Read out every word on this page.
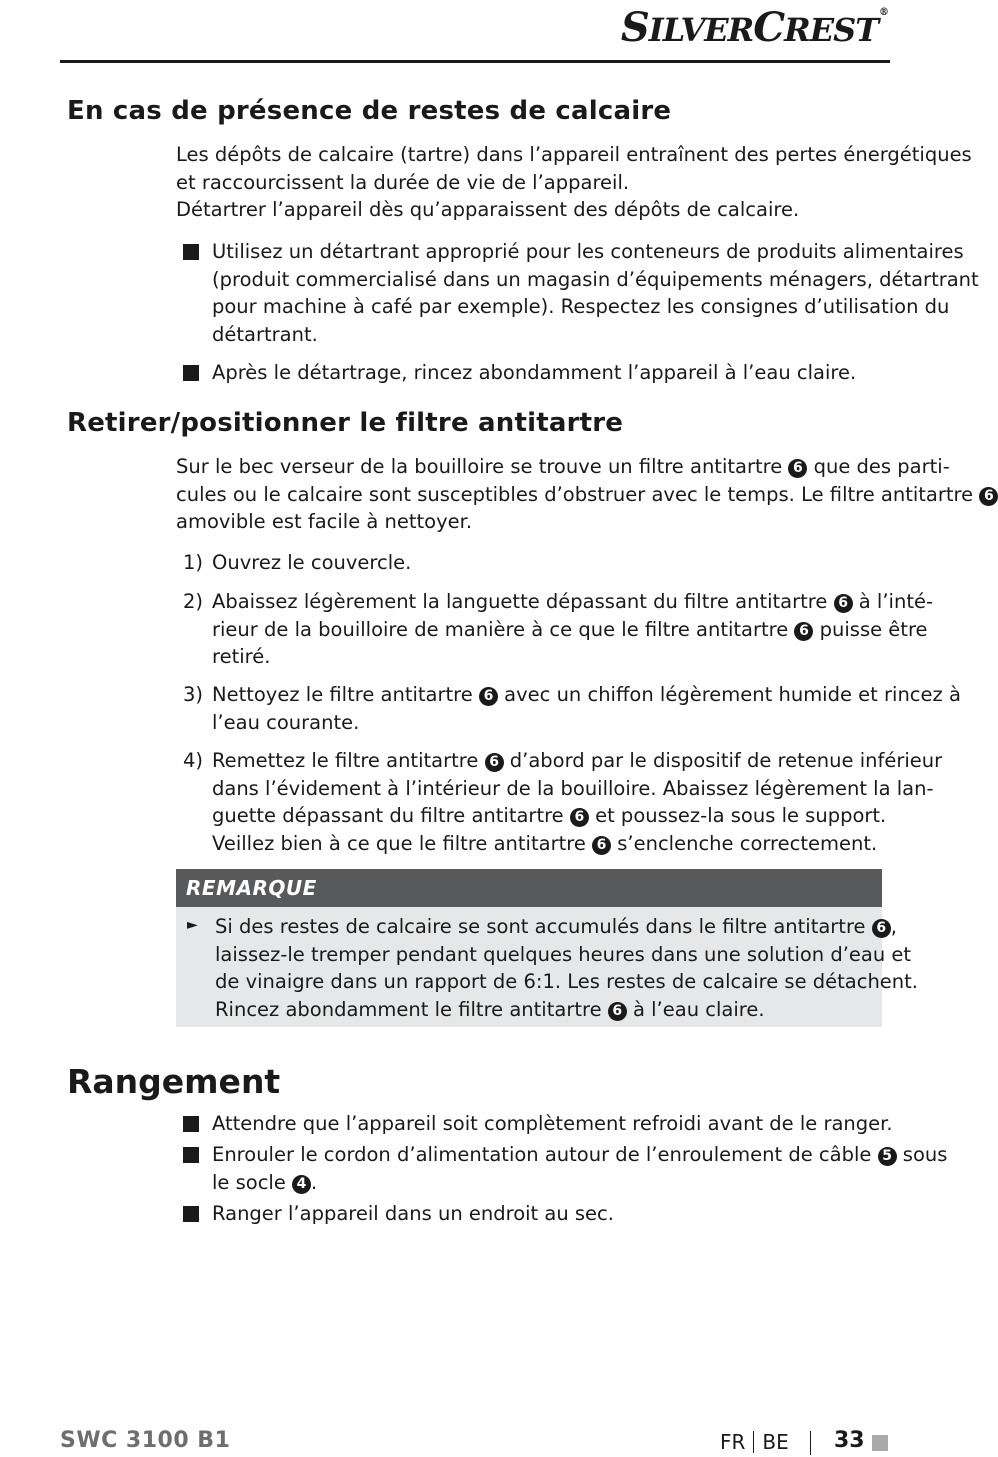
SILVERCREST®
En cas de présence de restes de calcaire
Les dépôts de calcaire (tartre) dans l’appareil entraînent des pertes énergétiques
et raccourcissent la durée de vie de l’appareil.
Détartrer l’appareil dès qu’apparaissent des dépôts de calcaire.
Utilisez un détartrant approprié pour les conteneurs de produits alimentaires
(produit commercialisé dans un magasin d’équipements ménagers, détartrant
pour machine à café par exemple). Respectez les consignes d’utilisation du
détartrant.
Après le détartrage, rincez abondamment l’appareil à l’eau claire.
Retirer/positionner le filtre antitartre
Sur le bec verseur de la bouilloire se trouve un filtre antitartre 6 que des parti-
cules ou le calcaire sont susceptibles d’obstruer avec le temps. Le filtre antitartre 6
amovible est facile à nettoyer.
1) Ouvrez le couvercle.
2) Abaissez légèrement la languette dépassant du filtre antitartre 6 à l’inté-
rieur de la bouilloire de manière à ce que le filtre antitartre 6 puisse être
retiré.
3) Nettoyez le filtre antitartre 6 avec un chiffon légèrement humide et rincez à
l’eau courante.
4) Remettez le filtre antitartre 6 d’abord par le dispositif de retenue inférieur
dans l’évidement à l’intérieur de la bouilloire. Abaissez légèrement la lan-
guette dépassant du filtre antitartre 6 et poussez-la sous le support.
Veillez bien à ce que le filtre antitartre 6 s’enclenche correctement.
REMARQUE
► Si des restes de calcaire se sont accumulés dans le filtre antitartre 6 ,
laissez-le tremper pendant quelques heures dans une solution d’eau et
de vinaigre dans un rapport de 6:1. Les restes de calcaire se détachent.
Rincez abondamment le filtre antitartre 6 à l’eau claire.
Rangement
Attendre que l’appareil soit complètement refroidi avant de le ranger.
Enrouler le cordon d’alimentation autour de l’enroulement de câble 5 sous
le socle 4 .
Ranger l’appareil dans un endroit au sec.
SWC 3100 B1	FR BE 33
